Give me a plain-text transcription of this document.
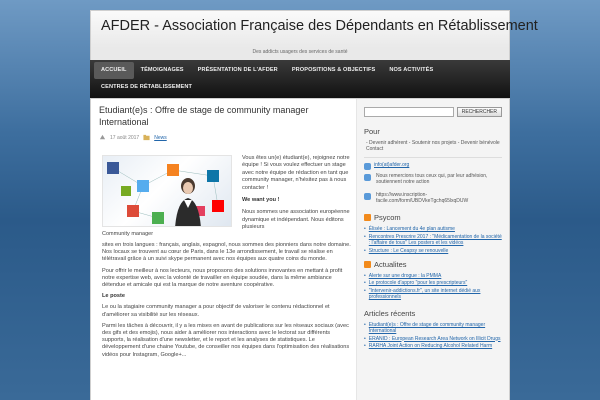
AFDER - Association Française des Dépendants en Rétablissement
Des addicts usagers des services de santé
ACCUEIL	TÉMOIGNAGES	PRÉSENTATION DE L'AFDER	PROPOSITIONS & OBJECTIFS	NOS ACTIVITÉS
CENTRES DE RÉTABLISSEMENT
Etudiant(e)s : Offre de stage de community manager International
17 août 2017	News
Community manager

Vous êtes un(e) étudiant(e), rejoignez notre équipe ! Si vous voulez effectuer un stage avec notre équipe de rédaction en tant que community manager, n'hésitez pas à nous contacter !

We want you !

Nous sommes une association européenne dynamique et indépendant. Nous éditons plusieurs

sites en trois langues : français, anglais, espagnol, nous sommes des pionniers dans notre domaine. Nos locaux se trouvent au cœur de Paris, dans le 13e arrondissement, le travail se réalise en télétravail grâce à un suivi skype permanent avec nos équipes aux quatre coins du monde.

Pour offrir le meilleur à nos lecteurs, nous proposons des solutions innovantes en mettant à profit notre expertise web, avec la volonté de travailler en équipe soudée, dans la même ambiance détendue et amicale qui est la marque de notre aventure coopérative.

Le poste

Le ou la stagiaire community manager a pour objectif de valoriser le contenu rédactionnel et d'améliorer sa visibilité sur les réseaux.

Parmi les tâches à découvrir, il y a les mises en avant de publications sur les réseaux sociaux (avec des gifs et des emojis), nous aider à améliorer nos interactions avec le lectorat sur différents supports, la réalisation d'une newsletter, et le report et les analyses de statistiques. Le développement d'une chaine Youtube, de conseiller nos équipes dans l'optimisation des réalisations vidéos pour Instagram, Google+...

RECHERCHER
Pour
- Devenir adhérent - Soutenir nos projets - Devenir bénévole Contact
info(at)afder.org
Nous remercions tous ceux qui, par leur adhésion, soutiennent notre action
https://www.inscription-facile.com/form/UBDVkeTgchq65lxqDUW
Psycom
• Élisée : Lancement du 4e plan autisme
• Rencontres Prescrire 2017 : "Médicamentation de la société : l'affaire de tous" Les posters et les vidéos
• Structure : Le Ceapsy se renouvelle
Actualites
• Alerte sur une drogue : la PMMA
• Le protocole d'appro "pour les prescripteurs"
• "Intervenir-addictions.fr", un site internet dédié aux professionnels
Articles récents
• Etudiant(e)s : Offre de stage de community manager International
• ERANID : European Research Area Network on Illicit Drugs
• RARHA Joint Action on Reducing Alcohol Related Harm
